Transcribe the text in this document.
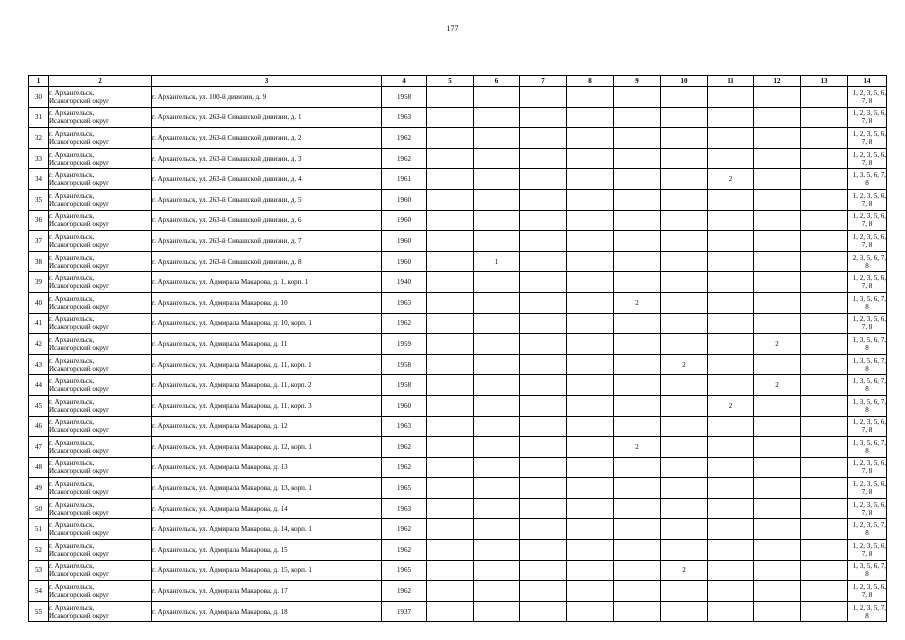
177
1	2	3	4	5	6	7	8	9	10	11	12	13	14
30	г. Архангельск,
Исакогорский округ	г. Архангельск, ул. 100-й дивизии, д. 9	1958										1, 2, 3, 5, 6,
7, 8

31	г. Архангельск,
Исакогорский округ	г. Архангельск, ул. 263-й Сивашской дивизии, д. 1	1963										1, 2, 3, 5, 6,
7, 8

32	г. Архангельск,
Исакогорский округ	г. Архангельск, ул. 263-й Сивашской дивизии, д. 2	1962										1, 2, 3, 5, 6,
7, 8

33	г. Архангельск,
Исакогорский округ	г. Архангельск, ул. 263-й Сивашской дивизии, д. 3	1962										1, 2, 3, 5, 6,
7, 8

34	г. Архангельск,
Исакогорский округ	г. Архангельск, ул. 263-й Сивашской дивизии, д. 4	1961							2			1, 3, 5, 6, 7,
8

35	г. Архангельск,
Исакогорский округ	г. Архангельск, ул. 263-й Сивашской дивизии, д. 5	1960										1, 2, 3, 5, 6,
7, 8

36	г. Архангельск,
Исакогорский округ	г. Архангельск, ул. 263-й Сивашской дивизии, д. 6	1960										1, 2, 3, 5, 6,
7, 8

37	г. Архангельск,
Исакогорский округ	г. Архангельск, ул. 263-й Сивашской дивизии, д. 7	1960										1, 2, 3, 5, 6,
7, 8

38	г. Архангельск,
Исакогорский округ	г. Архангельск, ул. 263-й Сивашской дивизии, д. 8	1960		1								2, 3, 5, 6, 7,
8

39	г. Архангельск,
Исакогорский округ	г. Архангельск, ул. Адмирала Макарова, д. 1, корп. 1	1940										1, 2, 3, 5, 6,
7, 8

40	г. Архангельск,
Исакогорский округ	г. Архангельск, ул. Адмирала Макарова, д. 10	1963					2					1, 3, 5, 6, 7,
8

41	г. Архангельск,
Исакогорский округ	г. Архангельск, ул. Адмирала Макарова, д. 10, корп. 1	1962										1, 2, 3, 5, 6,
7, 8

42	г. Архангельск,
Исакогорский округ	г. Архангельск, ул. Адмирала Макарова, д. 11	1959								2		1, 3, 5, 6, 7,
8

43	г. Архангельск,
Исакогорский округ	г. Архангельск, ул. Адмирала Макарова, д. 11, корп. 1	1958						2				1, 3, 5, 6, 7,
8

44	г. Архангельск,
Исакогорский округ	г. Архангельск, ул. Адмирала Макарова, д. 11, корп. 2	1958								2		1, 3, 5, 6, 7,
8

45	г. Архангельск,
Исакогорский округ	г. Архангельск, ул. Адмирала Макарова, д. 11, корп. 3	1960							2			1, 3, 5, 6, 7,
8

46	г. Архангельск,
Исакогорский округ	г. Архангельск, ул. Адмирала Макарова, д. 12	1963										1, 2, 3, 5, 6,
7, 8

47	г. Архангельск,
Исакогорский округ	г. Архангельск, ул. Адмирала Макарова, д. 12, корп. 1	1962					2					1, 3, 5, 6, 7,
8

48	г. Архангельск,
Исакогорский округ	г. Архангельск, ул. Адмирала Макарова, д. 13	1962										1, 2, 3, 5, 6,
7, 8

49	г. Архангельск,
Исакогорский округ	г. Архангельск, ул. Адмирала Макарова, д. 13, корп. 1	1965										1, 2, 3, 5, 6,
7, 8

50	г. Архангельск,
Исакогорский округ	г. Архангельск, ул. Адмирала Макарова, д. 14	1963										1, 2, 3, 5, 6,
7, 8

51	г. Архангельск,
Исакогорский округ	г. Архангельск, ул. Адмирала Макарова, д. 14, корп. 1	1962										1, 2, 3, 5, 7,
8

52	г. Архангельск,
Исакогорский округ	г. Архангельск, ул. Адмирала Макарова, д. 15	1962										1, 2, 3, 5, 6,
7, 8

53	г. Архангельск,
Исакогорский округ	г. Архангельск, ул. Адмирала Макарова, д. 15, корп. 1	1965						2				1, 3, 5, 6, 7,
8

54	г. Архангельск,
Исакогорский округ	г. Архангельск, ул. Адмирала Макарова, д. 17	1962										1, 2, 3, 5, 6,
7, 8

55	г. Архангельск,
Исакогорский округ	г. Архангельск, ул. Адмирала Макарова, д. 18	1937										1, 2, 3, 5, 7,
8
